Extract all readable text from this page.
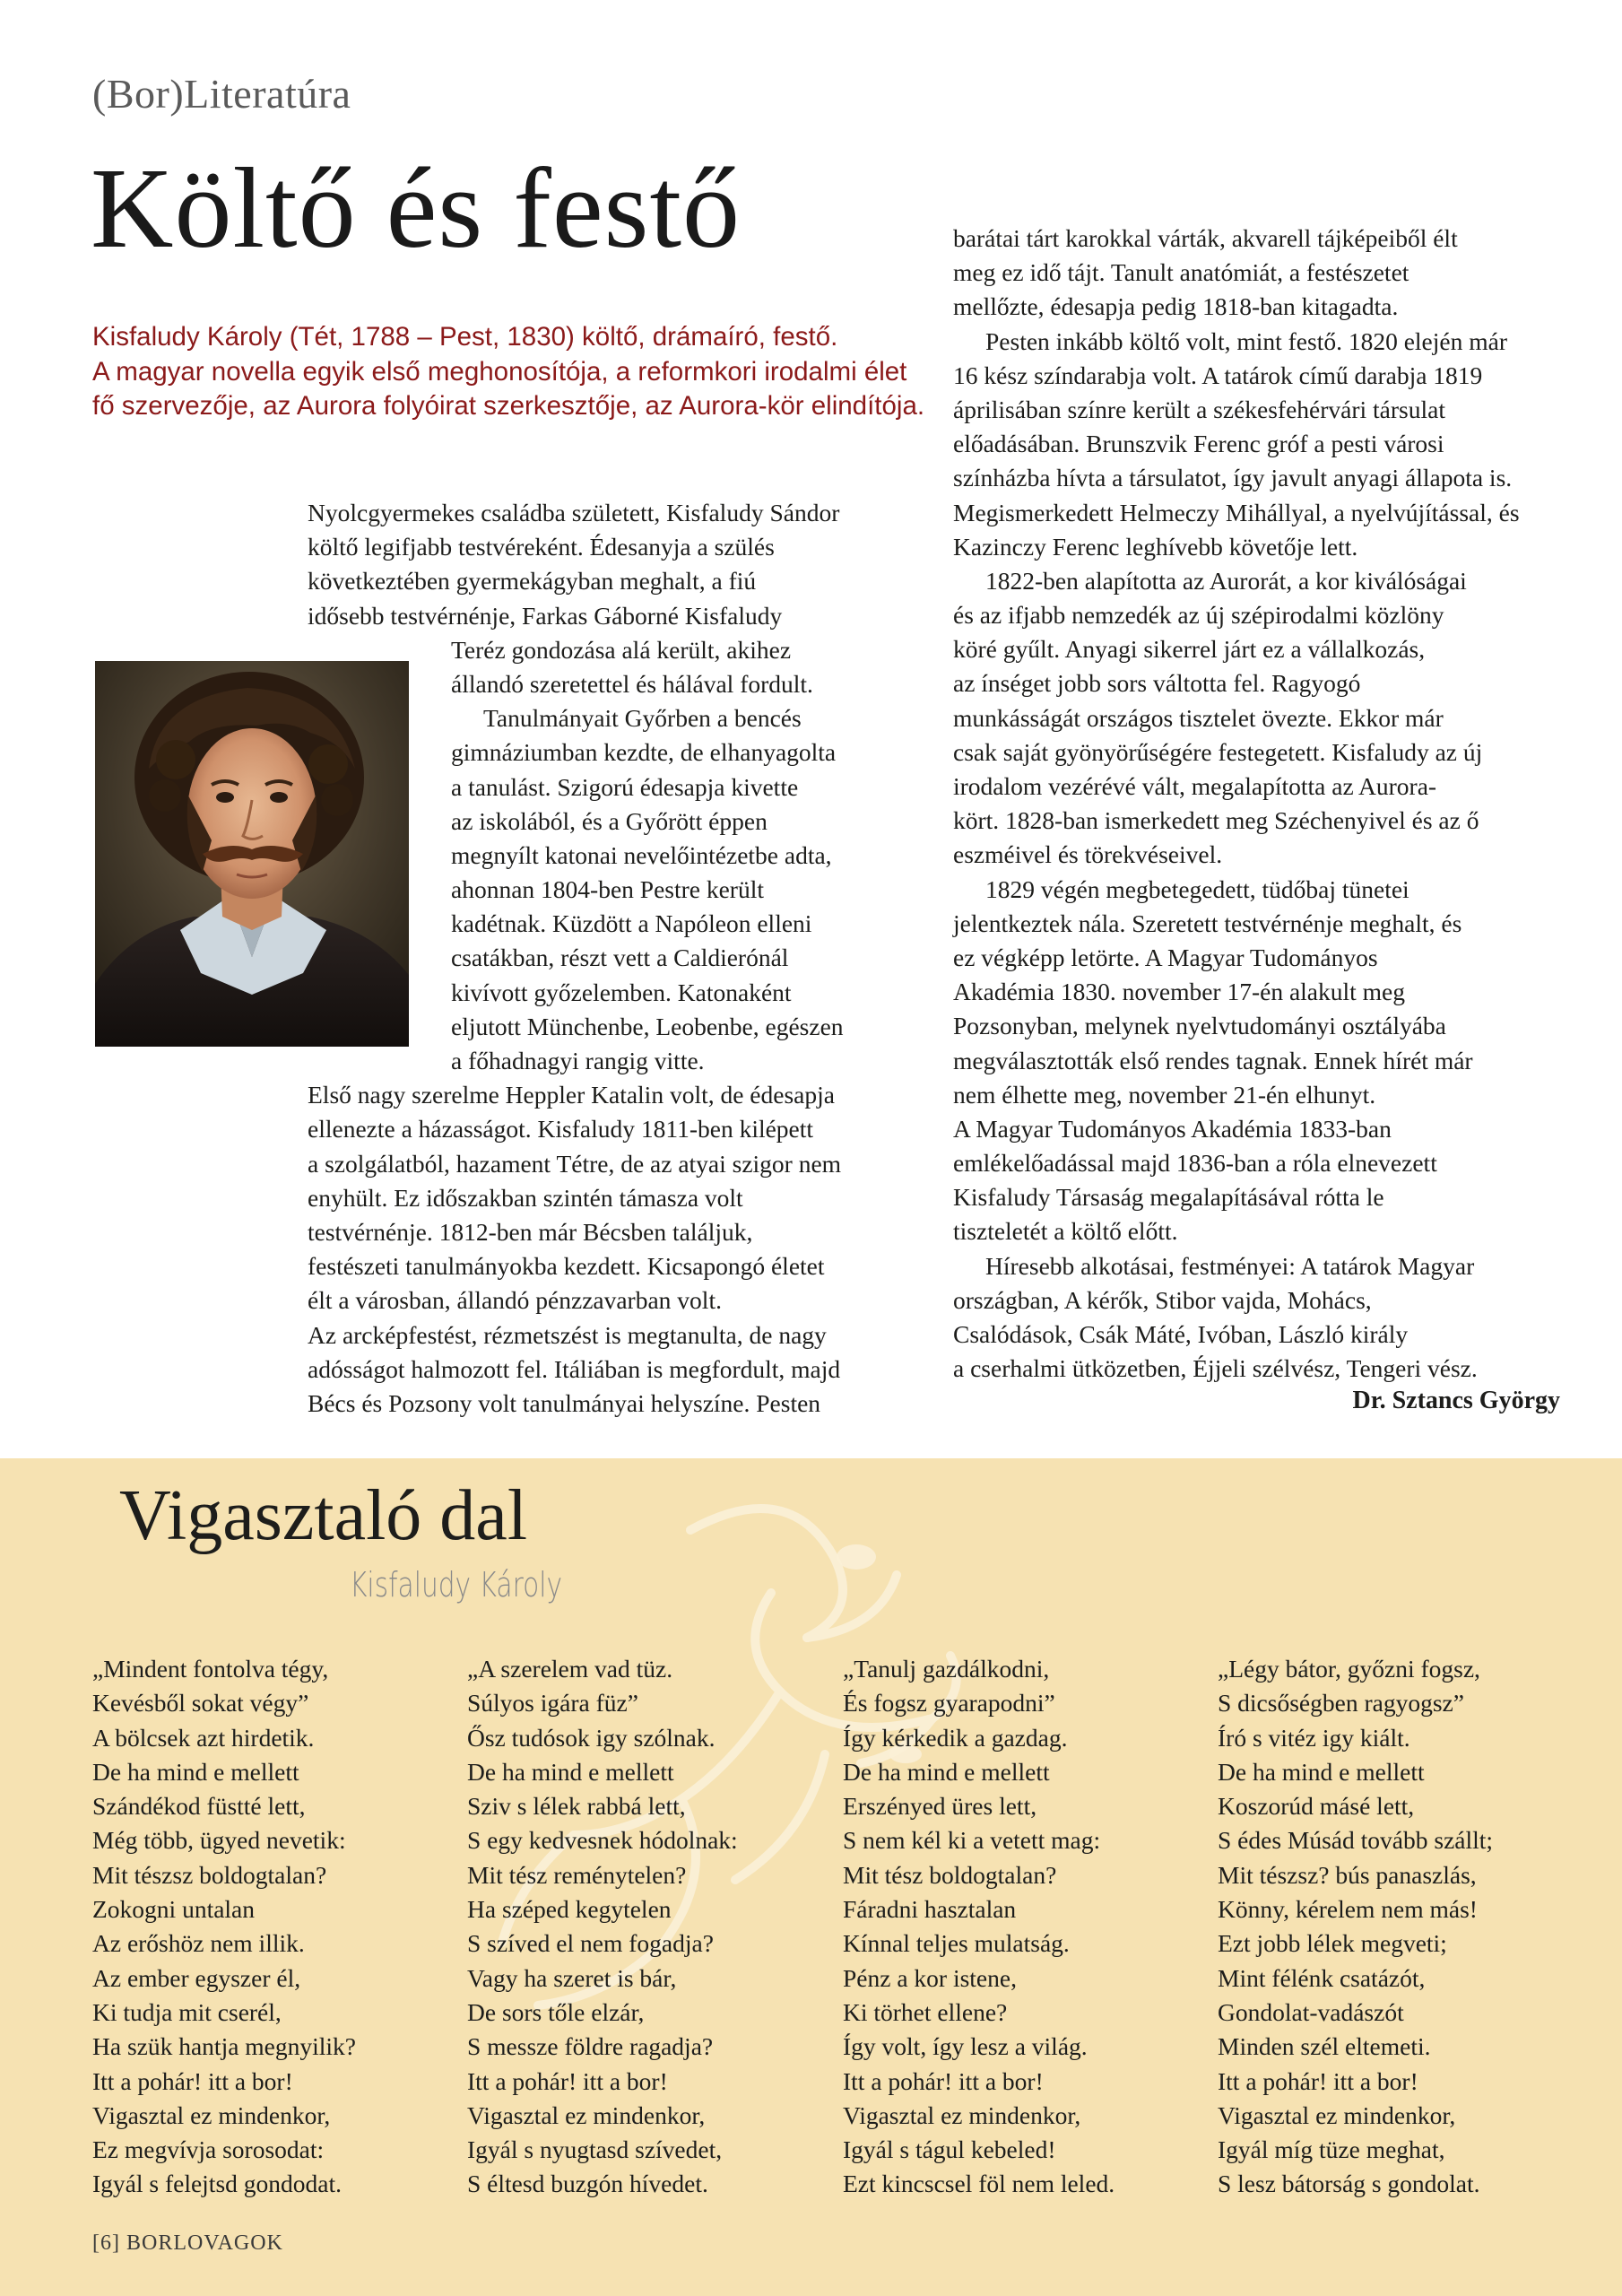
(Bor)Literatúra
Költő és festő
Kisfaludy Károly (Tét, 1788 – Pest, 1830) költő, drámaíró, festő.
A magyar novella egyik első meghonosítója, a reformkori irodalmi élet
fő szervezője, az Aurora folyóirat szerkesztője, az Aurora-kör elindítója.
Nyolcgyermekes családba született, Kisfaludy Sándor
költő legifjabb testvéreként. Édesanyja a szülés
következtében gyermekágyban meghalt, a fiú
idősebb testvérnénje, Farkas Gáborné Kisfaludy
Teréz gondozása alá került, akihez
állandó szeretettel és hálával fordult.
Tanulmányait Győrben a bencés
gimnáziumban kezdte, de elhanyagolta
a tanulást. Szigorú édesapja kivette
az iskolából, és a Győrött éppen
megnyílt katonai nevelőintézetbe adta,
ahonnan 1804-ben Pestre került
kadétnak. Küzdött a Napóleon elleni
csatákban, részt vett a Caldierónál
kivívott győzelemben. Katonaként
eljutott Münchenbe, Leobenbe, egészen
a főhadnagyi rangig vitte.
Első nagy szerelme Heppler Katalin volt, de édesapja
ellenezte a házasságot. Kisfaludy 1811-ben kilépett
a szolgálatból, hazament Tétre, de az atyai szigor nem
enyhült. Ez időszakban szintén támasza volt
testvérnénje. 1812-ben már Bécsben találjuk,
festészeti tanulmányokba kezdett. Kicsapongó életet
élt a városban, állandó pénzzavarban volt.
Az arcképfestést, rézmetszést is megtanulta, de nagy
adósságot halmozott fel. Itáliában is megfordult, majd
Bécs és Pozsony volt tanulmányai helyszíne. Pesten
barátai tárt karokkal várták, akvarell tájképeiből élt
meg ez idő tájt. Tanult anatómiát, a festészetet
mellőzte, édesapja pedig 1818-ban kitagadta.
Pesten inkább költő volt, mint festő. 1820 elején már
16 kész színdarabja volt. A tatárok című darabja 1819
áprilisában színre került a székesfehérvári társulat
előadásában. Brunszvik Ferenc gróf a pesti városi
színházba hívta a társulatot, így javult anyagi állapota is.
Megismerkedett Helmeczy Mihállyal, a nyelvújítással, és
Kazinczy Ferenc leghívebb követője lett.
1822-ben alapította az Aurorát, a kor kiválóságai
és az ifjabb nemzedék az új szépirodalmi közlöny
köré gyűlt. Anyagi sikerrel járt ez a vállalkozás,
az ínséget jobb sors váltotta fel. Ragyogó
munkásságát országos tisztelet övezte. Ekkor már
csak saját gyönyörűségére festegetett. Kisfaludy az új
irodalom vezérévé vált, megalapította az Aurora-
kört. 1828-ban ismerkedett meg Széchenyivel és az ő
eszméivel és törekvéseivel.
1829 végén megbetegedett, tüdőbaj tünetei
jelentkeztek nála. Szeretett testvérnénje meghalt, és
ez végképp letörte. A Magyar Tudományos
Akadémia 1830. november 17-én alakult meg
Pozsonyban, melynek nyelvtudományi osztályába
megválasztották első rendes tagnak. Ennek hírét már
nem élhette meg, november 21-én elhunyt.
A Magyar Tudományos Akadémia 1833-ban
emlékelőadással majd 1836-ban a róla elnevezett
Kisfaludy Társaság megalapításával rótta le
tiszteletét a költő előtt.
Híresebb alkotásai, festményei: A tatárok Magyar
országban, A kérők, Stibor vajda, Mohács,
Csalódások, Csák Máté, Ivóban, László király
a cserhalmi ütközetben, Éjjeli szélvész, Tengeri vész.
Dr. Sztancs György
Vigasztaló dal
Kisfaludy Károly
„Mindent fontolva tégy,
Kevésből sokat végy”
A bölcsek azt hirdetik.
De ha mind e mellett
Szándékod füstté lett,
Még több, ügyed nevetik:
Mit tészsz boldogtalan?
Zokogni untalan
Az erőshöz nem illik.
Az ember egyszer él,
Ki tudja mit cserél,
Ha szük hantja megnyilik?
Itt a pohár! itt a bor!
Vigasztal ez mindenkor,
Ez megvívja sorosodat:
Igyál s felejtsd gondodat.
„A szerelem vad tüz.
Súlyos igára füz”
Ősz tudósok igy szólnak.
De ha mind e mellett
Sziv s lélek rabbá lett,
S egy kedvesnek hódolnak:
Mit tész reménytelen?
Ha széped kegytelen
S szíved el nem fogadja?
Vagy ha szeret is bár,
De sors tőle elzár,
S messze földre ragadja?
Itt a pohár! itt a bor!
Vigasztal ez mindenkor,
Igyál s nyugtasd szívedet,
S éltesd buzgón hívedet.
„Tanulj gazdálkodni,
És fogsz gyarapodni”
Így kérkedik a gazdag.
De ha mind e mellett
Erszényed üres lett,
S nem kél ki a vetett mag:
Mit tész boldogtalan?
Fáradni hasztalan
Kínnal teljes mulatság.
Pénz a kor istene,
Ki törhet ellene?
Így volt, így lesz a világ.
Itt a pohár! itt a bor!
Vigasztal ez mindenkor,
Igyál s tágul kebeled!
Ezt kincscsel föl nem leled.
„Légy bátor, győzni fogsz,
S dicsőségben ragyogsz”
Író s vitéz igy kiált.
De ha mind e mellett
Koszorúd másé lett,
S édes Músád tovább szállt;
Mit tészsz? bús panaszlás,
Könny, kérelem nem más!
Ezt jobb lélek megveti;
Mint félénk csatázót,
Gondolat-vadászót
Minden szél eltemeti.
Itt a pohár! itt a bor!
Vigasztal ez mindenkor,
Igyál míg tüze meghat,
S lesz bátorság s gondolat.
[6] BORLOVAGOK
